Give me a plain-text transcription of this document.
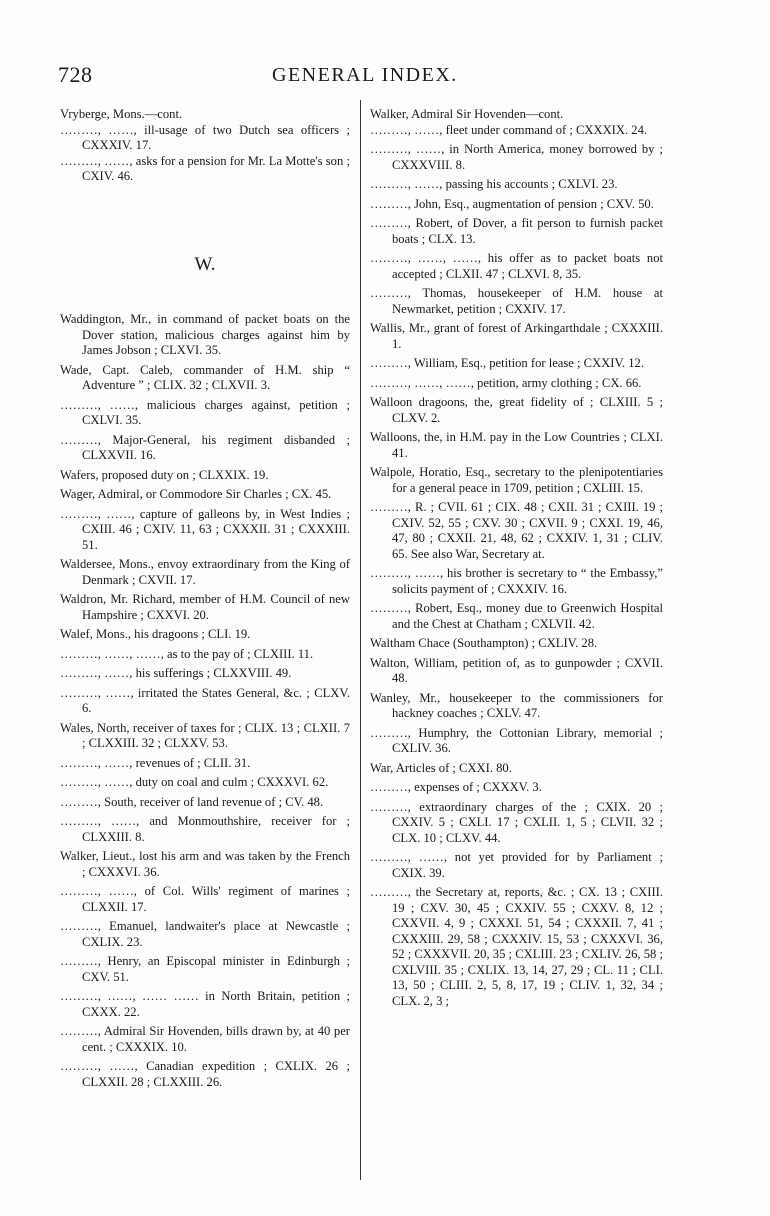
728	GENERAL INDEX.

Vryberge, Mons.—cont.

………, ……, ill-usage of two Dutch sea officers ; CXXXIV. 17.

………, ……, asks for a pension for Mr. La Motte's son ; CXIV. 46.

W.

Waddington, Mr., in command of packet boats on the Dover station, malicious charges against him by James Jobson ; CLXVI. 35.

Wade, Capt. Caleb, commander of H.M. ship “ Adventure ” ; CLIX. 32 ; CLXVII. 3.

………, ……, malicious charges against, petition ; CXLVI. 35.

………, Major-General, his regiment disbanded ; CLXXVII. 16.

Wafers, proposed duty on ; CLXXIX. 19.

Wager, Admiral, or Commodore Sir Charles ; CX. 45.

………, ……, capture of galleons by, in West Indies ; CXIII. 46 ; CXIV. 11, 63 ; CXXXII. 31 ; CXXXIII. 51.

Waldersee, Mons., envoy extraordinary from the King of Denmark ; CXVII. 17.

Waldron, Mr. Richard, member of H.M. Council of new Hampshire ; CXXVI. 20.

Walef, Mons., his dragoons ; CLI. 19.

………, ……, ……, as to the pay of ; CLXIII. 11.

………, ……, his sufferings ; CLXXVIII. 49.

………, ……, irritated the States General, &c. ; CLXV. 6.

Wales, North, receiver of taxes for ; CLIX. 13 ; CLXII. 7 ; CLXXIII. 32 ; CLXXV. 53.

………, ……, revenues of ; CLII. 31.

………, ……, duty on coal and culm ; CXXXVI. 62.

………, South, receiver of land revenue of ; CV. 48.

………, ……, and Monmouthshire, receiver for ; CLXXIII. 8.

Walker, Lieut., lost his arm and was taken by the French ; CXXXVI. 36.

………, ……, of Col. Wills' regiment of marines ; CLXXII. 17.

………, Emanuel, landwaiter's place at Newcastle ; CXLIX. 23.

………, Henry, an Episcopal minister in Edinburgh ; CXV. 51.

………, ……, …… …… in North Britain, petition ; CXXX. 22.

………, Admiral Sir Hovenden, bills drawn by, at 40 per cent. ; CXXXIX. 10.

………, ……, Canadian expedition ; CXLIX. 26 ; CLXXII. 28 ; CLXXIII. 26.

Walker, Admiral Sir Hovenden—cont.

………, ……, fleet under command of ; CXXXIX. 24.

………, ……, in North America, money borrowed by ; CXXXVIII. 8.

………, ……, passing his accounts ; CXLVI. 23.

………, John, Esq., augmentation of pension ; CXV. 50.

………, Robert, of Dover, a fit person to furnish packet boats ; CLX. 13.

………, ……, ……, his offer as to packet boats not accepted ; CLXII. 47 ; CLXVI. 8, 35.

………, Thomas, housekeeper of H.M. house at Newmarket, petition ; CXXIV. 17.

Wallis, Mr., grant of forest of Arkingarthdale ; CXXXIII. 1.

………, William, Esq., petition for lease ; CXXIV. 12.

………, ……, ……, petition, army clothing ; CX. 66.

Walloon dragoons, the, great fidelity of ; CLXIII. 5 ; CLXV. 2.

Walloons, the, in H.M. pay in the Low Countries ; CLXI. 41.

Walpole, Horatio, Esq., secretary to the plenipotentiaries for a general peace in 1709, petition ; CXLIII. 15.

………, R. ; CVII. 61 ; CIX. 48 ; CXII. 31 ; CXIII. 19 ; CXIV. 52, 55 ; CXV. 30 ; CXVII. 9 ; CXXI. 19, 46, 47, 80 ; CXXII. 21, 48, 62 ; CXXIV. 1, 31 ; CLIV. 65. See also War, Secretary at.

………, ……, his brother is secretary to “ the Embassy,” solicits payment of ; CXXXIV. 16.

………, Robert, Esq., money due to Greenwich Hospital and the Chest at Chatham ; CXLVII. 42.

Waltham Chace (Southampton) ; CXLIV. 28.

Walton, William, petition of, as to gunpowder ; CXVII. 48.

Wanley, Mr., housekeeper to the commissioners for hackney coaches ; CXLV. 47.

………, Humphry, the Cottonian Library, memorial ; CXLIV. 36.

War, Articles of ; CXXI. 80.

………, expenses of ; CXXXV. 3.

………, extraordinary charges of the ; CXIX. 20 ; CXXIV. 5 ; CXLI. 17 ; CXLII. 1, 5 ; CLVII. 32 ; CLX. 10 ; CLXV. 44.

………, ……, not yet provided for by Parliament ; CXIX. 39.

………, the Secretary at, reports, &c. ; CX. 13 ; CXIII. 19 ; CXV. 30, 45 ; CXXIV. 55 ; CXXV. 8, 12 ; CXXVII. 4, 9 ; CXXXI. 51, 54 ; CXXXII. 7, 41 ; CXXXIII. 29, 58 ; CXXXIV. 15, 53 ; CXXXVI. 36, 52 ; CXXXVII. 20, 35 ; CXLIII. 23 ; CXLIV. 26, 58 ; CXLVIII. 35 ; CXLIX. 13, 14, 27, 29 ; CL. 11 ; CLI. 13, 50 ; CLIII. 2, 5, 8, 17, 19 ; CLIV. 1, 32, 34 ; CLX. 2, 3 ;
